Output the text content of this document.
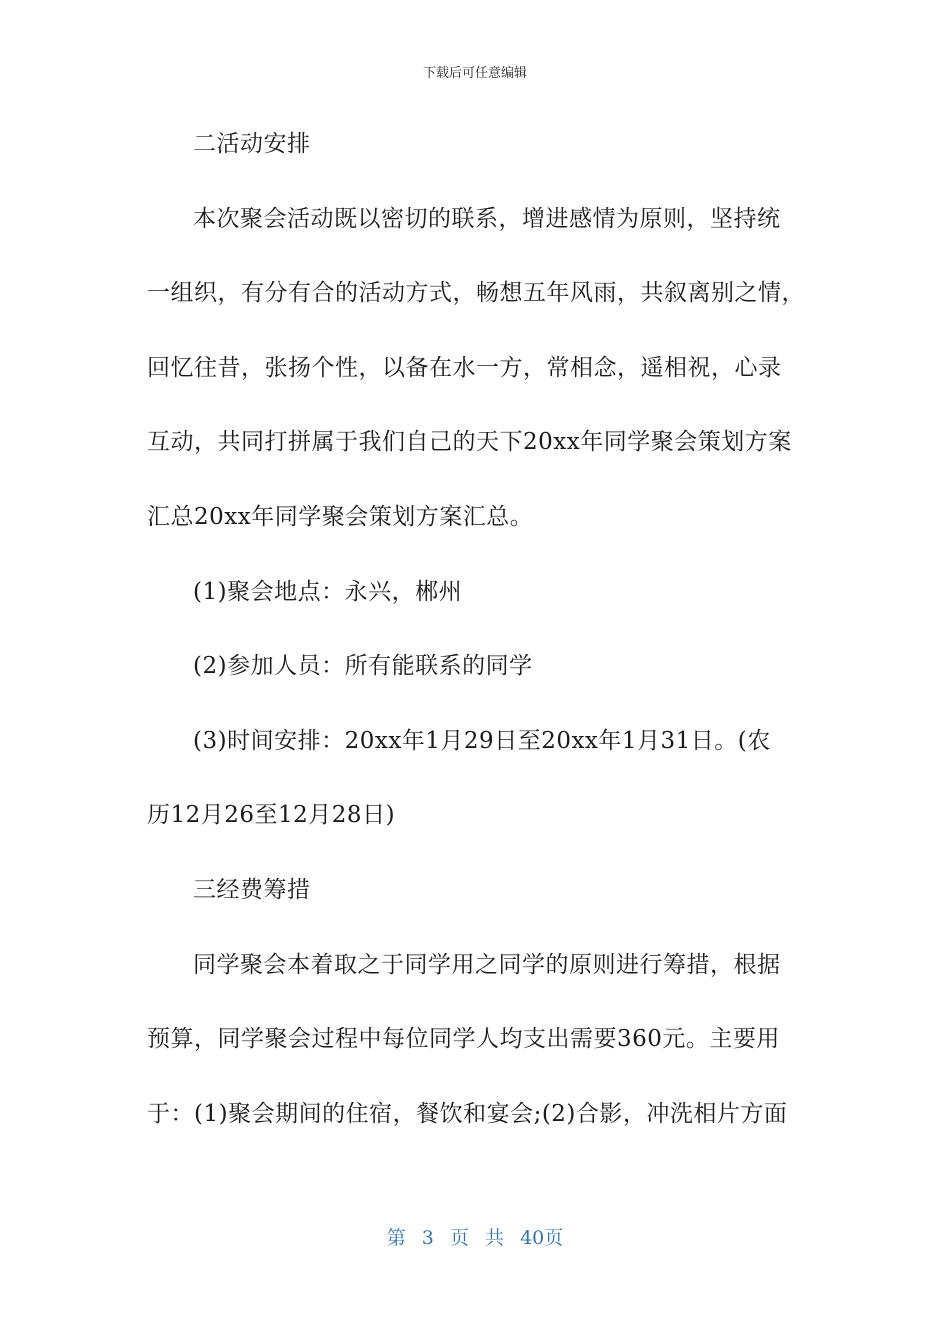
下载后可任意编辑
二活动安排
本次聚会活动既以密切的联系，增进感情为原则，坚持统
一组织，有分有合的活动方式，畅想五年风雨，共叙离别之情，
回忆往昔，张扬个性，以备在水一方，常相念，遥相祝，心录
互动，共同打拼属于我们自己的天下20xx年同学聚会策划方案
汇总20xx年同学聚会策划方案汇总。
(1)聚会地点：永兴，郴州
(2)参加人员：所有能联系的同学
(3)时间安排：20xx年1月29日至20xx年1月31日。(农
历12月26至12月28日)
三经费筹措
同学聚会本着取之于同学用之同学的原则进行筹措，根据
预算，同学聚会过程中每位同学人均支出需要360元。主要用
于：(1)聚会期间的住宿，餐饮和宴会;(2)合影，冲洗相片方面
第 3 页 共 40页
